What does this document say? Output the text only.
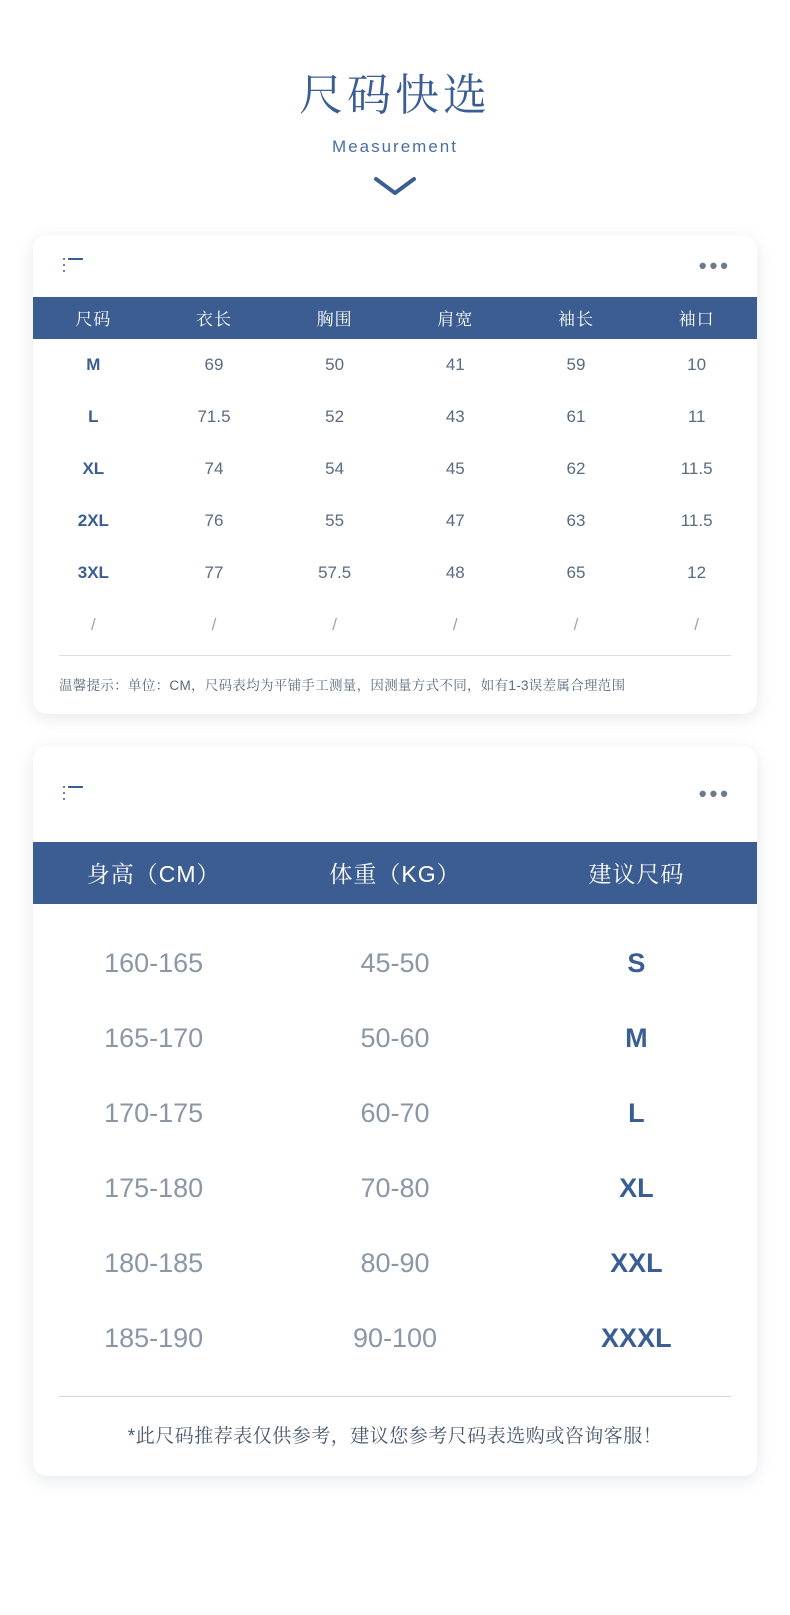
尺码快选
Measurement
•••
尺码	衣长	胸围	肩宽	袖长	袖口
M	69	50	41	59	10
L	71.5	52	43	61	11
XL	74	54	45	62	11.5
2XL	76	55	47	63	11.5
3XL	77	57.5	48	65	12
/	/	/	/	/	/
温馨提示：单位：CM，尺码表均为平铺手工测量，因测量方式不同，如有1-3误差属合理范围
•••
身高（CM）	体重（KG）	建议尺码
160-165	45-50	S
165-170	50-60	M
170-175	60-70	L
175-180	70-80	XL
180-185	80-90	XXL
185-190	90-100	XXXL
*此尺码推荐表仅供参考，建议您参考尺码表选购或咨询客服！
